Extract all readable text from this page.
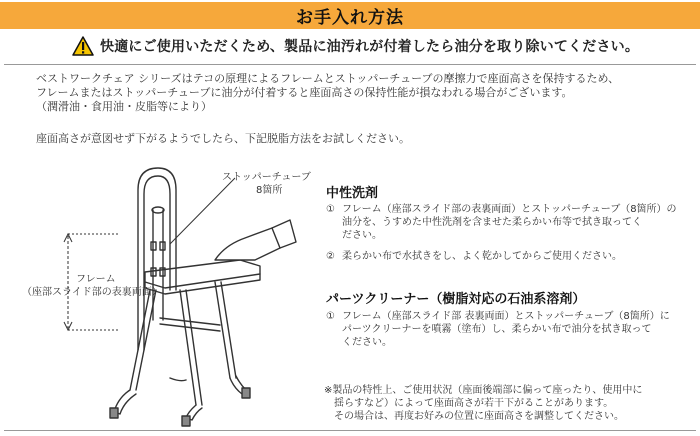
お手入れ方法
快適にご使用いただくため、製品に油汚れが付着したら油分を取り除いてください。

ベストワークチェア シリーズはテコの原理によるフレームとストッパーチューブの摩擦力で座面高さを保持するため、

フレームまたはストッパーチューブに油分が付着すると座面高さの保持性能が損なわれる場合がございます。

（潤滑油・食用油・皮脂等により）

座面高さが意図せず下がるようでしたら、下記脱脂方法をお試しください。
ストッパーチューブ
8箇所
フレーム
（座部スライド部の表裏両面）
中性洗剤
① フレーム（座部スライド部の表裏両面）とストッパーチューブ（8箇所）の
油分を、うすめた中性洗剤を含ませた柔らかい布等で拭き取ってく
ださい。
② 柔らかい布で水拭きをし、よく乾かしてからご使用ください。
パーツクリーナー（樹脂対応の石油系溶剤）
① フレーム（座部スライド部 表裏両面）とストッパーチューブ（8箇所）に
パーツクリーナーを噴霧（塗布）し、柔らかい布で油分を拭き取って
ください。
※製品の特性上、ご使用状況（座面後端部に偏って座ったり、使用中に
揺らすなど）によって座面高さが若干下がることがあります。
その場合は、再度お好みの位置に座面高さを調整してください。
